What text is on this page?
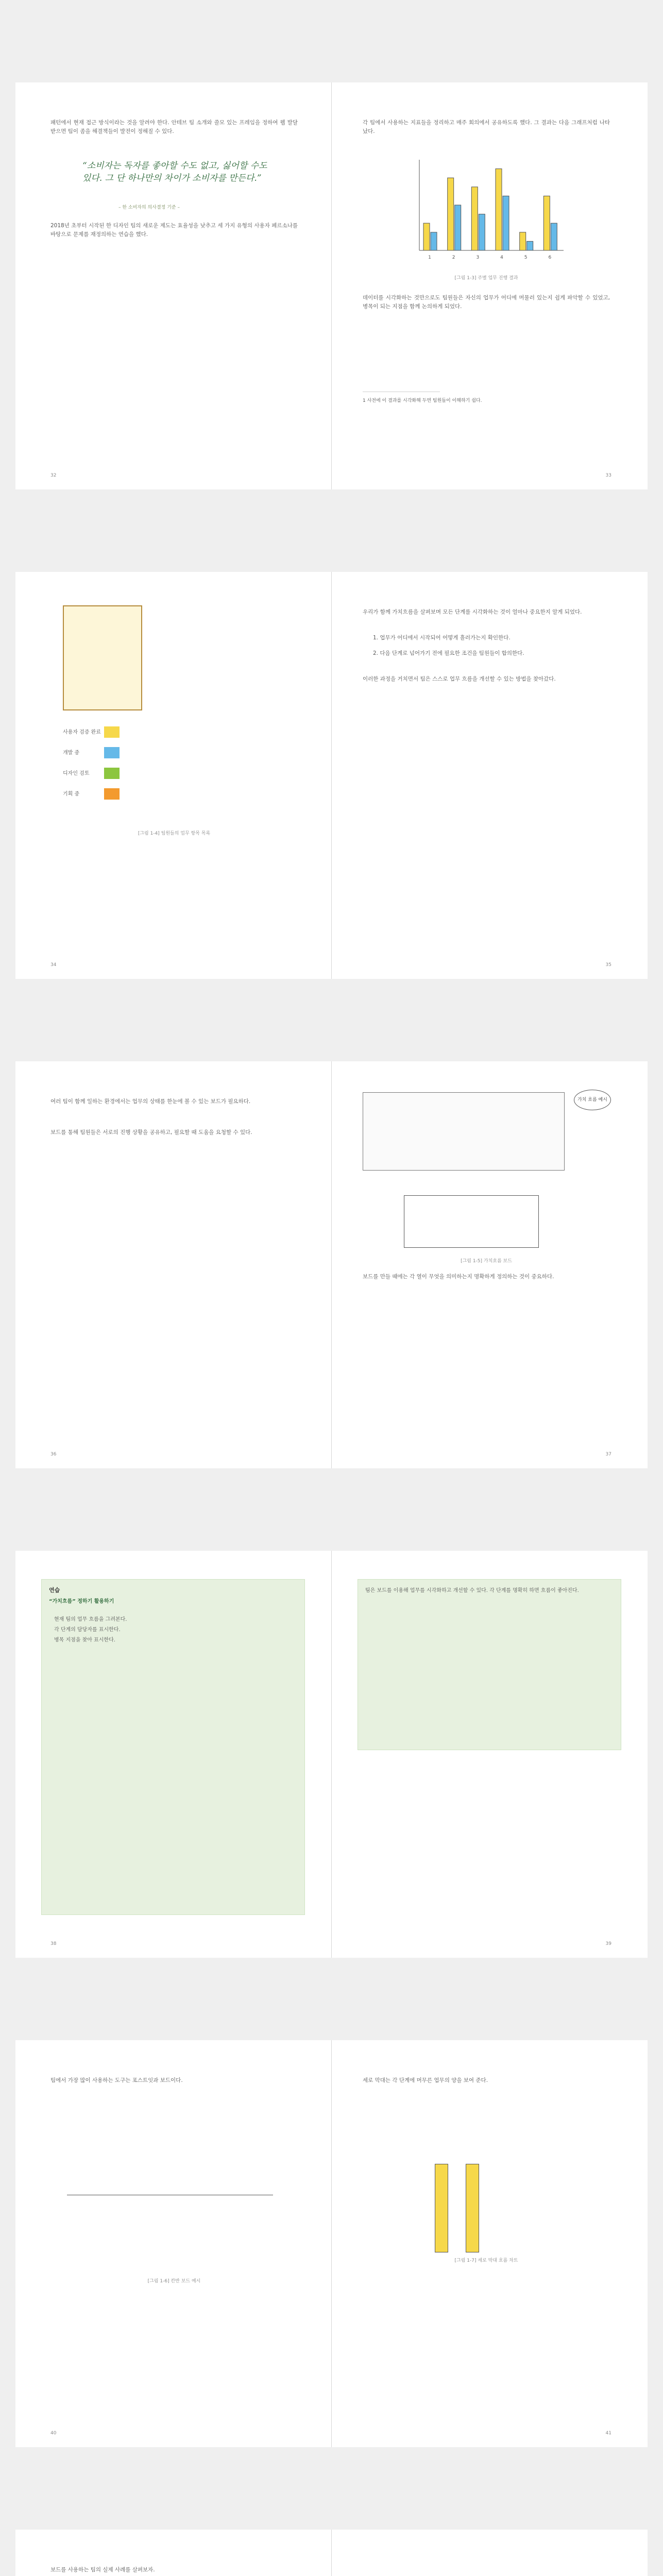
패턴에서 현재 접근 방식이라는 것을 알려야 한다. 안테브 팀 소개와 쓸모 있는 프레임을 정하여 웹 발달 받으면 팀이 좀을 해결책들이 발전이 정해질 수 있다.
“소비자는 독자를 좋아할 수도 없고, 싫어할 수도 있다. 그 단 하나만의 차이가 소비자를 만든다.”
– 한 소비자의 의사결정 기준 –
2018년 초부터 시작된 한 디자인 팀의 새로운 제도는 효율성을 낮추고 세 가지 유형의 사용자 페르소나를 바탕으로 문제를 재정의하는 연습을 했다.
32
각 팀에서 사용하는 지표들을 정리하고 매주 회의에서 공유하도록 했다. 그 결과는 다음 그래프처럼 나타났다.
1	2	3	4	5	6
[그림 1-3] 주별 업무 진행 결과
데이터를 시각화하는 것만으로도 팀원들은 자신의 업무가 어디에 머물러 있는지 쉽게 파악할 수 있었고, 병목이 되는 지점을 함께 논의하게 되었다.
1 사전에 이 결과를 시각화해 두면 팀원들이 이해하기 쉽다.
33
사용자 검증 완료
개발 중
디자인 검토
기획 중
[그림 1-4] 팀원들의 업무 항목 목록
34
우리가 함께 가치흐름을 살펴보며 모든 단계를 시각화하는 것이 얼마나 중요한지 알게 되었다.
1. 업무가 어디에서 시작되어 어떻게 흘러가는지 확인한다.
2. 다음 단계로 넘어가기 전에 필요한 조건을 팀원들이 합의한다.
이러한 과정을 거치면서 팀은 스스로 업무 흐름을 개선할 수 있는 방법을 찾아갔다.
35
여러 팀이 함께 일하는 환경에서는 업무의 상태를 한눈에 볼 수 있는 보드가 필요하다.
보드를 통해 팀원들은 서로의 진행 상황을 공유하고, 필요할 때 도움을 요청할 수 있다.
36
가치 흐름 예시
[그림 1-5] 가치흐름 보드
보드를 만들 때에는 각 열이 무엇을 의미하는지 명확하게 정의하는 것이 중요하다.
37
연습
“가치흐름” 정하기 활용하기
현재 팀의 업무 흐름을 그려본다.
각 단계의 담당자를 표시한다.
병목 지점을 찾아 표시한다.
38
팀은 보드를 이용해 업무를 시각화하고 개선할 수 있다. 각 단계를 명확히 하면 흐름이 좋아진다.
39
팀에서 가장 많이 사용하는 도구는 포스트잇과 보드이다.
[그림 1-6] 칸반 보드 예시
40
세로 막대는 각 단계에 머무른 업무의 양을 보여 준다.
[그림 1-7] 세로 막대 흐름 차트
41
보드를 사용하는 팀의 실제 사례를 살펴보자.
